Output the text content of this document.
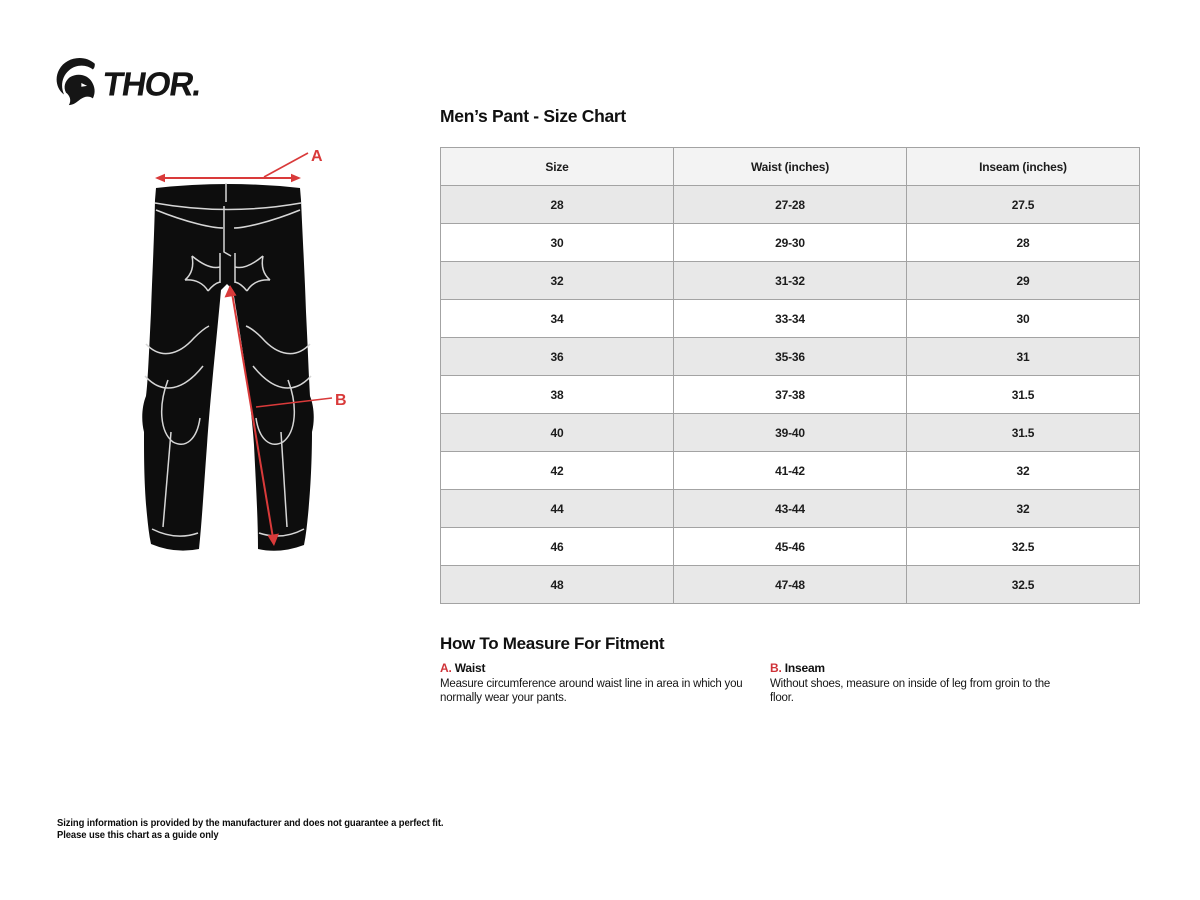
THOR.
A
B
Men’s Pant - Size Chart
Size	Waist (inches)	Inseam (inches)
28	27-28	27.5
30	29-30	28
32	31-32	29
34	33-34	30
36	35-36	31
38	37-38	31.5
40	39-40	31.5
42	41-42	32
44	43-44	32
46	45-46	32.5
48	47-48	32.5
How To Measure For Fitment
A. Waist
Measure circumference around waist line in area in which you normally wear your pants.
B. Inseam
Without shoes, measure on inside of leg from groin to the floor.
Sizing information is provided by the manufacturer and does not guarantee a perfect fit.
Please use this chart as a guide only
